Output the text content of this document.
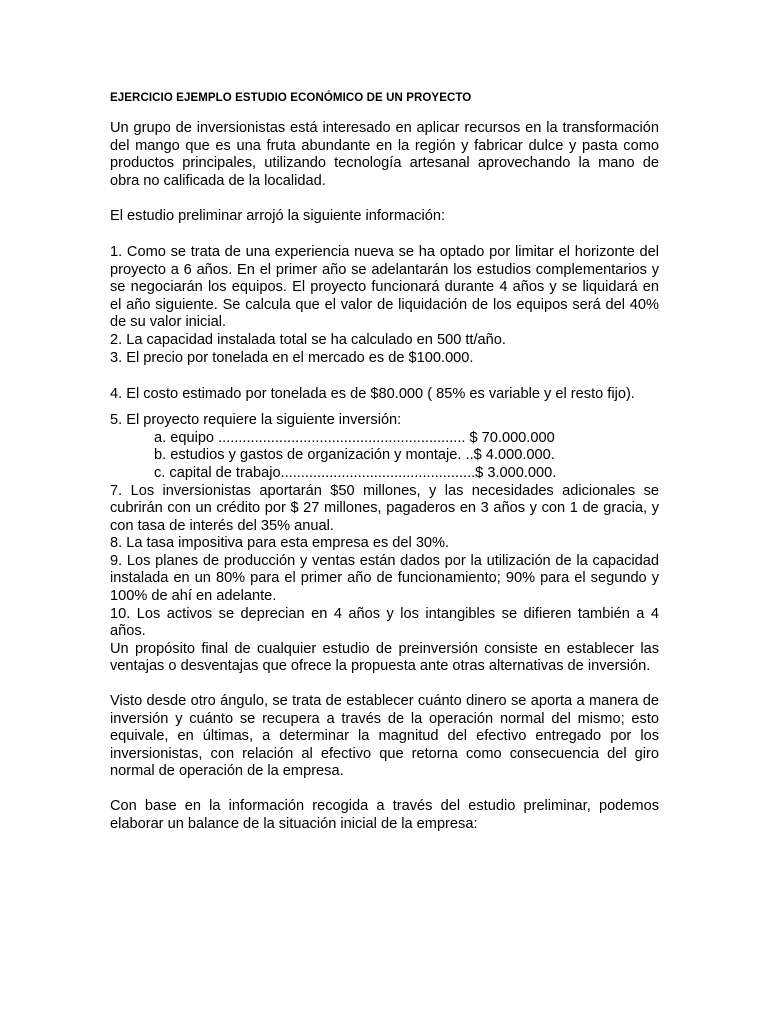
EJERCICIO EJEMPLO ESTUDIO ECONÓMICO DE UN PROYECTO

Un grupo de inversionistas está interesado en aplicar recursos en la transformación del mango que es una fruta abundante en la región y fabricar dulce y pasta como productos principales, utilizando tecnología artesanal aprovechando la mano de obra no calificada de la localidad.

El estudio preliminar arrojó la siguiente información:

1. Como se trata de una experiencia nueva se ha optado por limitar el horizonte del proyecto a 6 años. En el primer año se adelantarán los estudios complementarios y se negociarán los equipos. El proyecto funcionará durante 4 años y se liquidará en el año siguiente. Se calcula que el valor de liquidación de los equipos será del 40% de su valor inicial.

2. La capacidad instalada total se ha calculado en 500 tt/año.

3. El precio por tonelada en el mercado es de $100.000.

4. El costo estimado por tonelada es de $80.000 ( 85% es variable y el resto fijo).

5. El proyecto requiere la siguiente inversión:

a. equipo ............................................................. $ 70.000.000

b. estudios y gastos de organización y montaje. ..$ 4.000.000.

c. capital de trabajo................................................$ 3.000.000.

7. Los inversionistas aportarán $50 millones, y las necesidades adicionales se cubrirán con un crédito por $ 27 millones, pagaderos en 3 años y con 1 de gracia, y con tasa de interés del 35% anual.

8. La tasa impositiva para esta empresa es del 30%.

9. Los planes de producción y ventas están dados por la utilización de la capacidad instalada en un 80% para el primer año de funcionamiento; 90% para el segundo y 100% de ahí en adelante.

10. Los activos se deprecian en 4 años y los intangibles se difieren también a 4 años.

Un propósito final de cualquier estudio de preinversión consiste en establecer las ventajas o desventajas que ofrece la propuesta ante otras alternativas de inversión.

Visto desde otro ángulo, se trata de establecer cuánto dinero se aporta a manera de inversión y cuánto se recupera a través de la operación normal del mismo; esto equivale, en últimas, a determinar la magnitud del efectivo entregado por los inversionistas, con relación al efectivo que retorna como consecuencia del giro normal de operación de la empresa.

Con base en la información recogida a través del estudio preliminar, podemos elaborar un balance de la situación inicial de la empresa:
